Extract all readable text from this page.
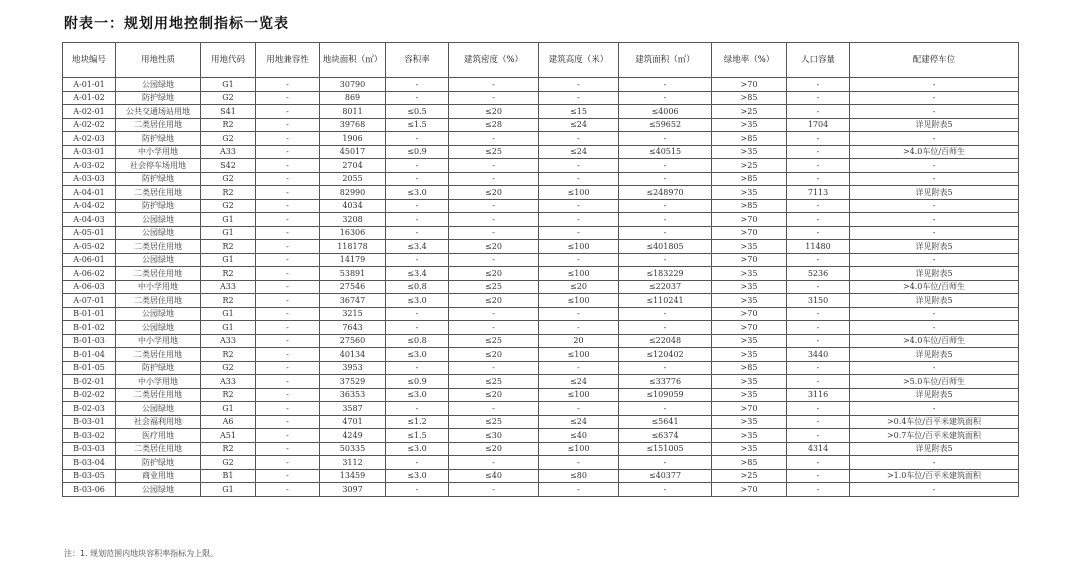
附表一：规划用地控制指标一览表
地块编号	用地性质	用地代码	用地兼容性	地块面积（㎡）	容积率	建筑密度（%）	建筑高度（米）	建筑面积（㎡）	绿地率（%）	人口容量	配建停车位
A-01-01	公园绿地	G1	-	30790	-	-	-	-	>70	-	-
A-01-02	防护绿地	G2	-	869	-	-	-	-	>85	-	-
A-02-01	公共交通场站用地	S41	-	8011	≤0.5	≤20	≤15	≤4006	>25	-	-
A-02-02	二类居住用地	R2	-	39768	≤1.5	≤28	≤24	≤59652	>35	1704	详见附表5
A-02-03	防护绿地	G2	-	1906	-	-	-	-	>85	-	-
A-03-01	中小学用地	A33	-	45017	≤0.9	≤25	≤24	≤40515	>35	-	>4.0车位/百师生
A-03-02	社会停车场用地	S42	-	2704	-	-	-	-	>25	-	-
A-03-03	防护绿地	G2	-	2055	-	-	-	-	>85	-	-
A-04-01	二类居住用地	R2	-	82990	≤3.0	≤20	≤100	≤248970	>35	7113	详见附表5
A-04-02	防护绿地	G2	-	4034	-	-	-	-	>85	-	-
A-04-03	公园绿地	G1	-	3208	-	-	-	-	>70	-	-
A-05-01	公园绿地	G1	-	16306	-	-	-	-	>70	-	-
A-05-02	二类居住用地	R2	-	118178	≤3.4	≤20	≤100	≤401805	>35	11480	详见附表5
A-06-01	公园绿地	G1	-	14179	-	-	-	-	>70	-	-
A-06-02	二类居住用地	R2	-	53891	≤3.4	≤20	≤100	≤183229	>35	5236	详见附表5
A-06-03	中小学用地	A33	-	27546	≤0.8	≤25	≤20	≤22037	>35	-	>4.0车位/百师生
A-07-01	二类居住用地	R2	-	36747	≤3.0	≤20	≤100	≤110241	>35	3150	详见附表5
B-01-01	公园绿地	G1	-	3215	-	-	-	-	>70	-	-
B-01-02	公园绿地	G1	-	7643	-	-	-	-	>70	-	-
B-01-03	中小学用地	A33	-	27560	≤0.8	≤25	20	≤22048	>35	-	>4.0车位/百师生
B-01-04	二类居住用地	R2	-	40134	≤3.0	≤20	≤100	≤120402	>35	3440	详见附表5
B-01-05	防护绿地	G2	-	3953	-	-	-	-	>85	-	-
B-02-01	中小学用地	A33	-	37529	≤0.9	≤25	≤24	≤33776	>35	-	>5.0车位/百师生
B-02-02	二类居住用地	R2	-	36353	≤3.0	≤20	≤100	≤109059	>35	3116	详见附表5
B-02-03	公园绿地	G1	-	3587	-	-	-	-	>70	-	-
B-03-01	社会福利用地	A6	-	4701	≤1.2	≤25	≤24	≤5641	>35	-	>0.4车位/百平米建筑面积
B-03-02	医疗用地	A51	-	4249	≤1.5	≤30	≤40	≤6374	>35	-	>0.7车位/百平米建筑面积
B-03-03	二类居住用地	R2	-	50335	≤3.0	≤20	≤100	≤151005	>35	4314	详见附表5
B-03-04	防护绿地	G2	-	3112	-	-	-	-	>85	-	-
B-03-05	商业用地	B1	-	13459	≤3.0	≤40	≤80	≤40377	>25	-	>1.0车位/百平米建筑面积
B-03-06	公园绿地	G1	-	3097	-	-	-	-	>70	-	-
注：1. 规划范围内地块容积率指标为上限。
